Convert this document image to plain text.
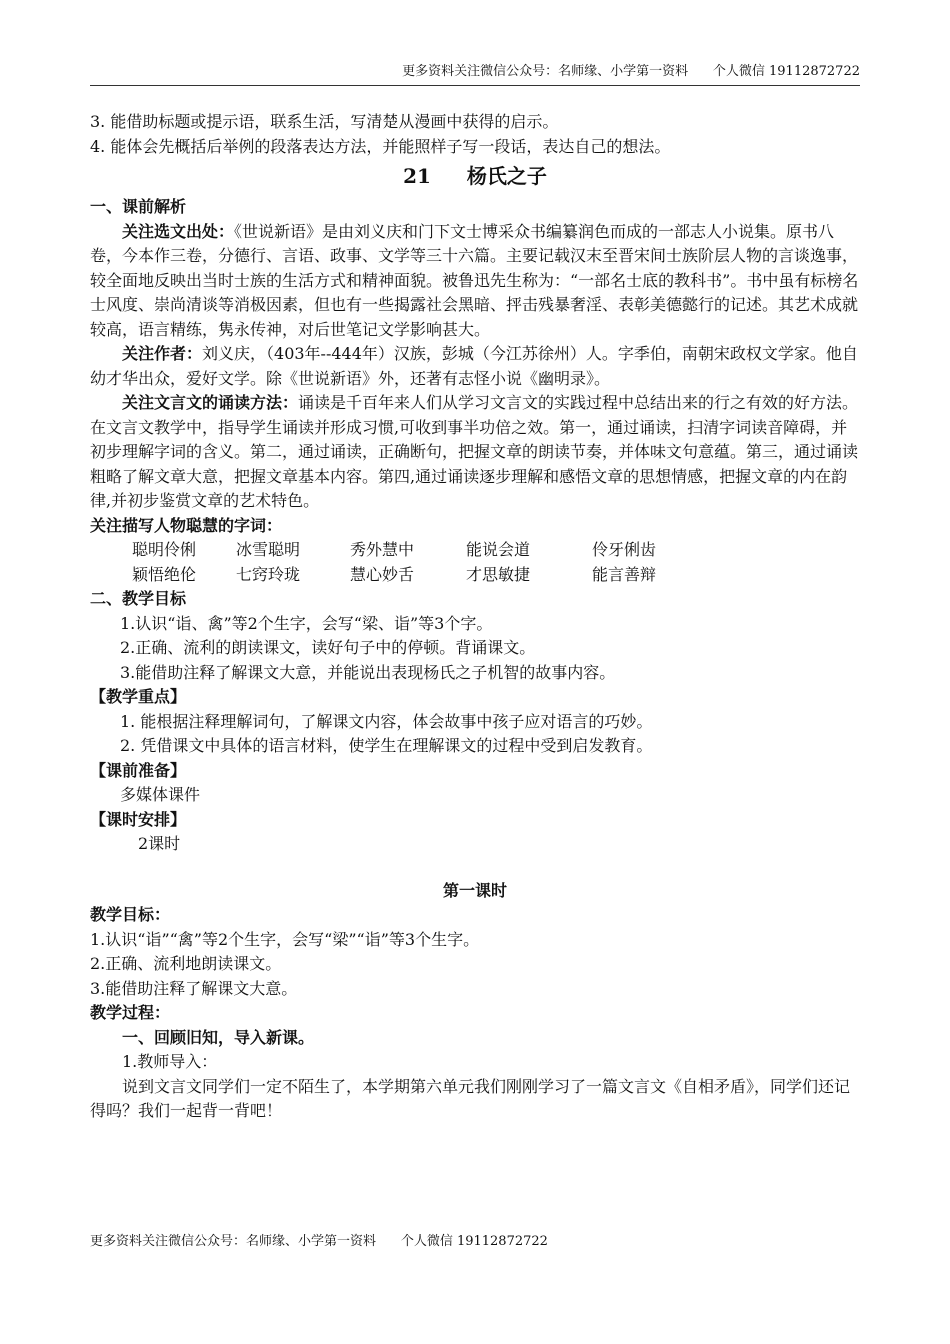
更多资料关注微信公众号：名师缘、小学第一资料 个人微信 19112872722

3. 能借助标题或提示语，联系生活，写清楚从漫画中获得的启示。

4. 能体会先概括后举例的段落表达方法，并能照样子写一段话，表达自己的想法。

21 杨氏之子

一、课前解析

关注选文出处：《世说新语》是由刘义庆和门下文士博采众书编纂润色而成的一部志人小说集。原书八卷，今本作三卷，分德行、言语、政事、文学等三十六篇。主要记载汉末至晋宋间士族阶层人物的言谈逸事，较全面地反映出当时士族的生活方式和精神面貌。被鲁迅先生称为：“一部名士底的教科书”。书中虽有标榜名士风度、崇尚清谈等消极因素，但也有一些揭露社会黑暗、抨击残暴奢淫、表彰美德懿行的记述。其艺术成就较高，语言精练，隽永传神，对后世笔记文学影响甚大。

关注作者：刘义庆，（403年--444年）汉族，彭城（今江苏徐州）人。字季伯，南朝宋政权文学家。他自幼才华出众，爱好文学。除《世说新语》外，还著有志怪小说《幽明录》。

关注文言文的诵读方法：诵读是千百年来人们从学习文言文的实践过程中总结出来的行之有效的好方法。在文言文教学中，指导学生诵读并形成习惯,可收到事半功倍之效。第一，通过诵读，扫清字词读音障碍，并初步理解字词的含义。第二，通过诵读，正确断句，把握文章的朗读节奏，并体味文句意蕴。第三，通过诵读粗略了解文章大意，把握文章基本内容。第四,通过诵读逐步理解和感悟文章的思想情感，把握文章的内在韵律,并初步鉴赏文章的艺术特色。

关注描写人物聪慧的字词：

聪明伶俐	冰雪聪明	秀外慧中	能说会道	伶牙俐齿
颖悟绝伦	七窍玲珑	慧心妙舌	才思敏捷	能言善辩

二、教学目标

1.认识“诣、禽”等2个生字，会写“梁、诣”等3个字。

2.正确、流利的朗读课文，读好句子中的停顿。背诵课文。

3.能借助注释了解课文大意，并能说出表现杨氏之子机智的故事内容。

【教学重点】

1. 能根据注释理解词句，了解课文内容，体会故事中孩子应对语言的巧妙。

2. 凭借课文中具体的语言材料，使学生在理解课文的过程中受到启发教育。

【课前准备】

多媒体课件

【课时安排】

2课时

第一课时

教学目标：

1.认识“诣”“禽”等2个生字，会写“梁”“诣”等3个生字。

2.正确、流利地朗读课文。

3.能借助注释了解课文大意。

教学过程：

一、回顾旧知，导入新课。

1.教师导入：

说到文言文同学们一定不陌生了，本学期第六单元我们刚刚学习了一篇文言文《自相矛盾》，同学们还记得吗？我们一起背一背吧！

更多资料关注微信公众号：名师缘、小学第一资料 个人微信 19112872722
